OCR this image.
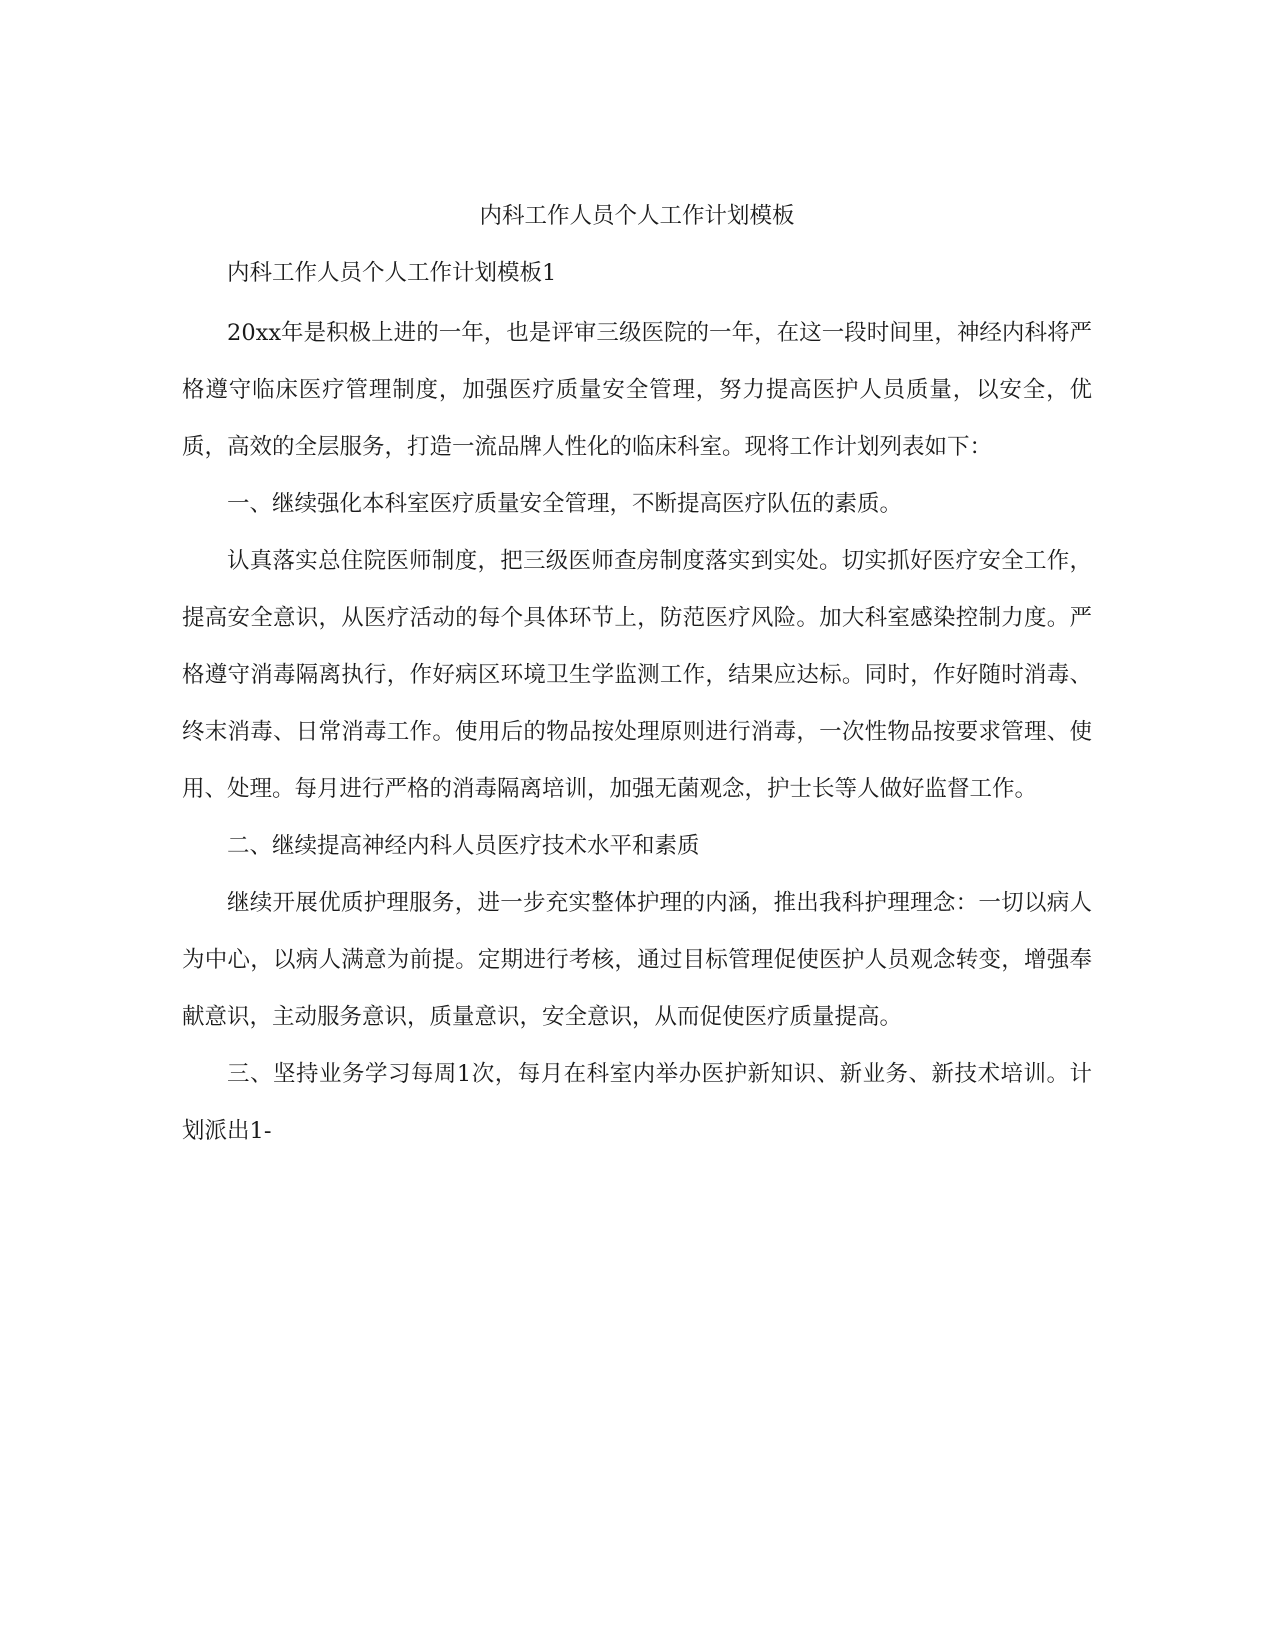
内科工作人员个人工作计划模板

内科工作人员个人工作计划模板1

20xx年是积极上进的一年，也是评审三级医院的一年，在这一段时间里，神经内科将严格遵守临床医疗管理制度，加强医疗质量安全管理，努力提高医护人员质量，以安全，优质，高效的全层服务，打造一流品牌人性化的临床科室。现将工作计划列表如下：

一、继续强化本科室医疗质量安全管理，不断提高医疗队伍的素质。

认真落实总住院医师制度，把三级医师查房制度落实到实处。切实抓好医疗安全工作，提高安全意识，从医疗活动的每个具体环节上，防范医疗风险。加大科室感染控制力度。严格遵守消毒隔离执行，作好病区环境卫生学监测工作，结果应达标。同时，作好随时消毒、终末消毒、日常消毒工作。使用后的物品按处理原则进行消毒，一次性物品按要求管理、使用、处理。每月进行严格的消毒隔离培训，加强无菌观念，护士长等人做好监督工作。

二、继续提高神经内科人员医疗技术水平和素质

继续开展优质护理服务，进一步充实整体护理的内涵，推出我科护理理念：一切以病人为中心，以病人满意为前提。定期进行考核，通过目标管理促使医护人员观念转变，增强奉献意识，主动服务意识，质量意识，安全意识，从而促使医疗质量提高。

三、坚持业务学习每周1次，每月在科室内举办医护新知识、新业务、新技术培训。计划派出1-
